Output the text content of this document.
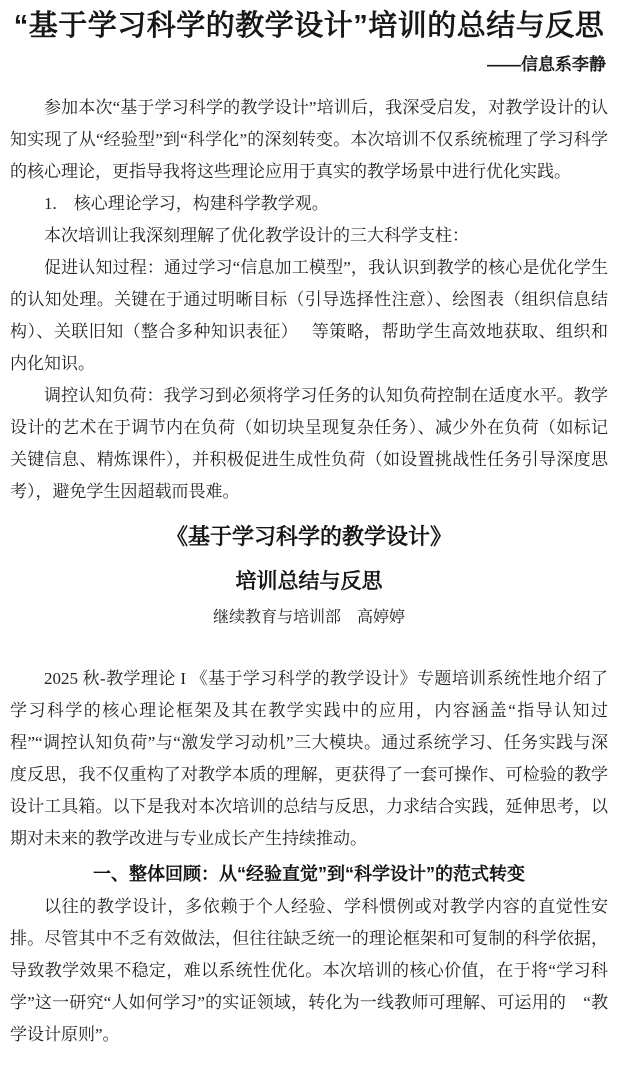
“基于学习科学的教学设计”培训的总结与反思
——信息系李静

参加本次“基于学习科学的教学设计”培训后，我深受启发，对教学设计的认知实现了从“经验型”到“科学化”的深刻转变。本次培训不仅系统梳理了学习科学的核心理论，更指导我将这些理论应用于真实的教学场景中进行优化实践。

1.　核心理论学习，构建科学教学观。

本次培训让我深刻理解了优化教学设计的三大科学支柱：

促进认知过程：通过学习“信息加工模型”，我认识到教学的核心是优化学生的认知处理。关键在于通过明晰目标（引导选择性注意）、绘图表（组织信息结构）、关联旧知（整合多种知识表征）　 等策略，帮助学生高效地获取、组织和内化知识。

调控认知负荷：我学习到必须将学习任务的认知负荷控制在适度水平。教学设计的艺术在于调节内在负荷（如切块呈现复杂任务）、减少外在负荷（如标记关键信息、精炼课件），并积极促进生成性负荷（如设置挑战性任务引导深度思考），避免学生因超载而畏难。

《基于学习科学的教学设计》
培训总结与反思
继续教育与培训部　高婷婷

2025 秋-教学理论 I 《基于学习科学的教学设计》专题培训系统性地介绍了学习科学的核心理论框架及其在教学实践中的应用，内容涵盖“指导认知过程”“调控认知负荷”与“激发学习动机”三大模块。通过系统学习、任务实践与深度反思，我不仅重构了对教学本质的理解，更获得了一套可操作、可检验的教学设计工具箱。以下是我对本次培训的总结与反思，力求结合实践，延伸思考，以期对未来的教学改进与专业成长产生持续推动。

一、整体回顾：从“经验直觉”到“科学设计”的范式转变

以往的教学设计，多依赖于个人经验、学科惯例或对教学内容的直觉性安排。尽管其中不乏有效做法，但往往缺乏统一的理论框架和可复制的科学依据，导致教学效果不稳定，难以系统性优化。本次培训的核心价值，在于将“学习科学”这一研究“人如何学习”的实证领域，转化为一线教师可理解、可运用的　“教学设计原则”。
